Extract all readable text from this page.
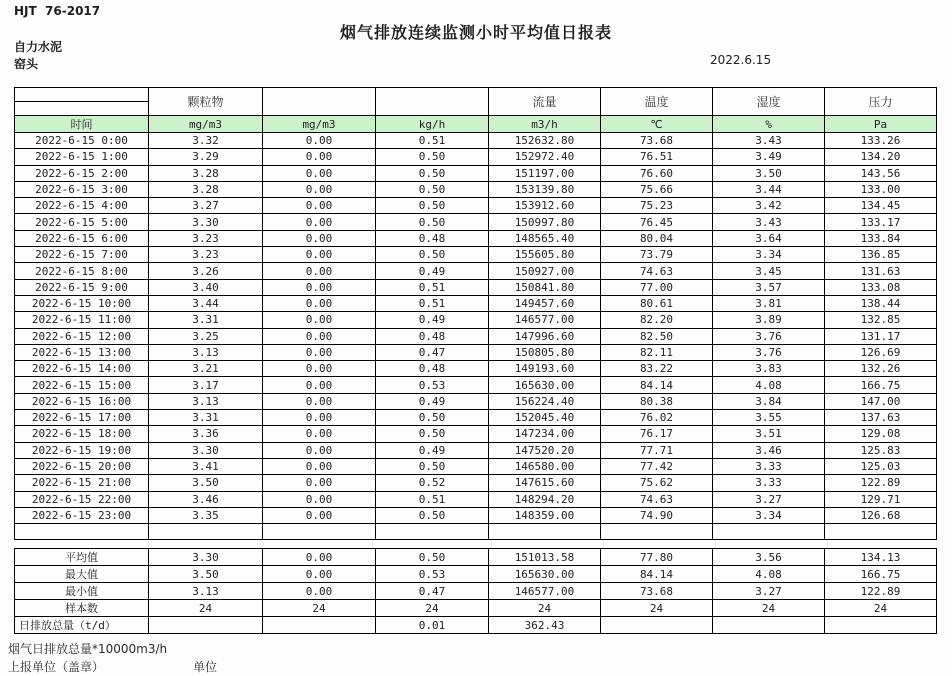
HJT  76-2017
烟气排放连续监测小时平均值日报表
自力水泥
窑头	2022.6.15
	颗粒物			流量	温度	湿度	压力

时间	mg/m3	mg/m3	kg/h	m3/h	℃	%	Pa
2022-6-15 0:00	3.32	0.00	0.51	152632.80	73.68	3.43	133.26
2022-6-15 1:00	3.29	0.00	0.50	152972.40	76.51	3.49	134.20
2022-6-15 2:00	3.28	0.00	0.50	151197.00	76.60	3.50	143.56
2022-6-15 3:00	3.28	0.00	0.50	153139.80	75.66	3.44	133.00
2022-6-15 4:00	3.27	0.00	0.50	153912.60	75.23	3.42	134.45
2022-6-15 5:00	3.30	0.00	0.50	150997.80	76.45	3.43	133.17
2022-6-15 6:00	3.23	0.00	0.48	148565.40	80.04	3.64	133.84
2022-6-15 7:00	3.23	0.00	0.50	155605.80	73.79	3.34	136.85
2022-6-15 8:00	3.26	0.00	0.49	150927.00	74.63	3.45	131.63
2022-6-15 9:00	3.40	0.00	0.51	150841.80	77.00	3.57	133.08
2022-6-15 10:00	3.44	0.00	0.51	149457.60	80.61	3.81	138.44
2022-6-15 11:00	3.31	0.00	0.49	146577.00	82.20	3.89	132.85
2022-6-15 12:00	3.25	0.00	0.48	147996.60	82.50	3.76	131.17
2022-6-15 13:00	3.13	0.00	0.47	150805.80	82.11	3.76	126.69
2022-6-15 14:00	3.21	0.00	0.48	149193.60	83.22	3.83	132.26
2022-6-15 15:00	3.17	0.00	0.53	165630.00	84.14	4.08	166.75
2022-6-15 16:00	3.13	0.00	0.49	156224.40	80.38	3.84	147.00
2022-6-15 17:00	3.31	0.00	0.50	152045.40	76.02	3.55	137.63
2022-6-15 18:00	3.36	0.00	0.50	147234.00	76.17	3.51	129.08
2022-6-15 19:00	3.30	0.00	0.49	147520.20	77.71	3.46	125.83
2022-6-15 20:00	3.41	0.00	0.50	146580.00	77.42	3.33	125.03
2022-6-15 21:00	3.50	0.00	0.52	147615.60	75.62	3.33	122.89
2022-6-15 22:00	3.46	0.00	0.51	148294.20	74.63	3.27	129.71
2022-6-15 23:00	3.35	0.00	0.50	148359.00	74.90	3.34	126.68

平均值	3.30	0.00	0.50	151013.58	77.80	3.56	134.13
最大值	3.50	0.00	0.53	165630.00	84.14	4.08	166.75
最小值	3.13	0.00	0.47	146577.00	73.68	3.27	122.89
样本数	24	24	24	24	24	24	24
日排放总量（t/d）			0.01	362.43			
烟气日排放总量*10000m3/h
上报单位（盖章）	单位
